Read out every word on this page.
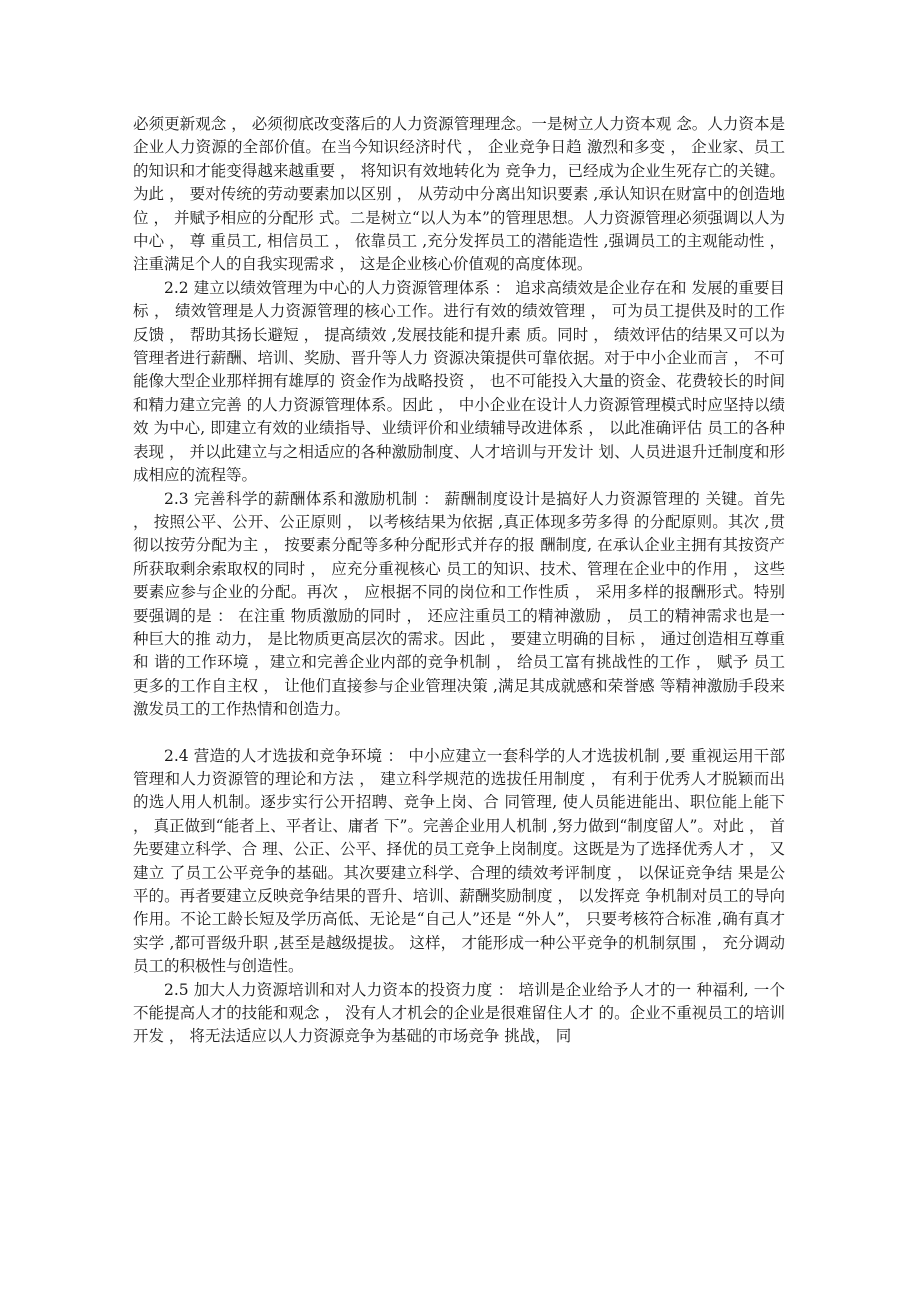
必须更新观念 ， 必须彻底改变落后的人力资源管理理念。一是树立人力资本观 念。人力资本是企业人力资源的全部价值。在当今知识经济时代 ， 企业竞争日趋 激烈和多变 ， 企业家、员工的知识和才能变得越来越重要 ， 将知识有效地转化为 竞争力，已经成为企业生死存亡的关键。为此 ， 要对传统的劳动要素加以区别 ， 从劳动中分离出知识要素 ,承认知识在财富中的创造地位 ， 并赋予相应的分配形 式。二是树立“以人为本”的管理思想。人力资源管理必须强调以人为中心 ， 尊 重员工, 相信员工 ， 依靠员工 ,充分发挥员工的潜能造性 ,强调员工的主观能动性 ， 注重满足个人的自我实现需求 ， 这是企业核心价值观的高度体现。

2.2 建立以绩效管理为中心的人力资源管理体系 ： 追求高绩效是企业存在和 发展的重要目标 ， 绩效管理是人力资源管理的核心工作。进行有效的绩效管理 ， 可为员工提供及时的工作反馈 ， 帮助其扬长避短 ， 提高绩效 ,发展技能和提升素 质。同时 ， 绩效评估的结果又可以为管理者进行薪酬、培训、奖励、晋升等人力 资源决策提供可靠依据。对于中小企业而言 ， 不可能像大型企业那样拥有雄厚的 资金作为战略投资 ， 也不可能投入大量的资金、花费较长的时间和精力建立完善 的人力资源管理体系。因此 ， 中小企业在设计人力资源管理模式时应坚持以绩效 为中心, 即建立有效的业绩指导、业绩评价和业绩辅导改进体系 ， 以此准确评估 员工的各种表现 ， 并以此建立与之相适应的各种激励制度、人才培训与开发计 划、人员进退升迁制度和形成相应的流程等。

2.3 完善科学的薪酬体系和激励机制 ： 薪酬制度设计是搞好人力资源管理的 关键。首先 ， 按照公平、公开、公正原则 ， 以考核结果为依据 ,真正体现多劳多得 的分配原则。其次 ,贯彻以按劳分配为主 ， 按要素分配等多种分配形式并存的报 酬制度, 在承认企业主拥有其按资产所获取剩余索取权的同时 ， 应充分重视核心 员工的知识、技术、管理在企业中的作用 ， 这些要素应参与企业的分配。再次 ， 应根据不同的岗位和工作性质 ， 采用多样的报酬形式。特别要强调的是 ： 在注重 物质激励的同时 ， 还应注重员工的精神激励 ， 员工的精神需求也是一种巨大的推 动力， 是比物质更高层次的需求。因此 ， 要建立明确的目标 ， 通过创造相互尊重和 谐的工作环境 ，建立和完善企业内部的竞争机制 ， 给员工富有挑战性的工作 ， 赋予 员工更多的工作自主权 ， 让他们直接参与企业管理决策 ,满足其成就感和荣誉感 等精神激励手段来激发员工的工作热情和创造力。

2.4 营造的人才选拔和竞争环境 ： 中小应建立一套科学的人才选拔机制 ,要 重视运用干部管理和人力资源管的理论和方法 ， 建立科学规范的选拔任用制度 ， 有利于优秀人才脱颖而出的选人用人机制。逐步实行公开招聘、竞争上岗、合 同管理, 使人员能进能出、职位能上能下 ， 真正做到“能者上、平者让、庸者 下”。完善企业用人机制 ,努力做到“制度留人”。对此 ， 首先要建立科学、合 理、公正、公平、择优的员工竞争上岗制度。这既是为了选择优秀人才 ， 又建立 了员工公平竞争的基础。其次要建立科学、合理的绩效考评制度 ， 以保证竞争结 果是公平的。再者要建立反映竞争结果的晋升、培训、薪酬奖励制度 ， 以发挥竞 争机制对员工的导向作用。不论工龄长短及学历高低、无论是“自己人”还是 “外人”， 只要考核符合标准 ,确有真才实学 ,都可晋级升职 ,甚至是越级提拔。 这样， 才能形成一种公平竞争的机制氛围 ， 充分调动员工的积极性与创造性。

2.5 加大人力资源培训和对人力资本的投资力度 ： 培训是企业给予人才的一 种福利, 一个不能提高人才的技能和观念 ， 没有人才机会的企业是很难留住人才 的。企业不重视员工的培训开发 ， 将无法适应以人力资源竞争为基础的市场竞争 挑战， 同
